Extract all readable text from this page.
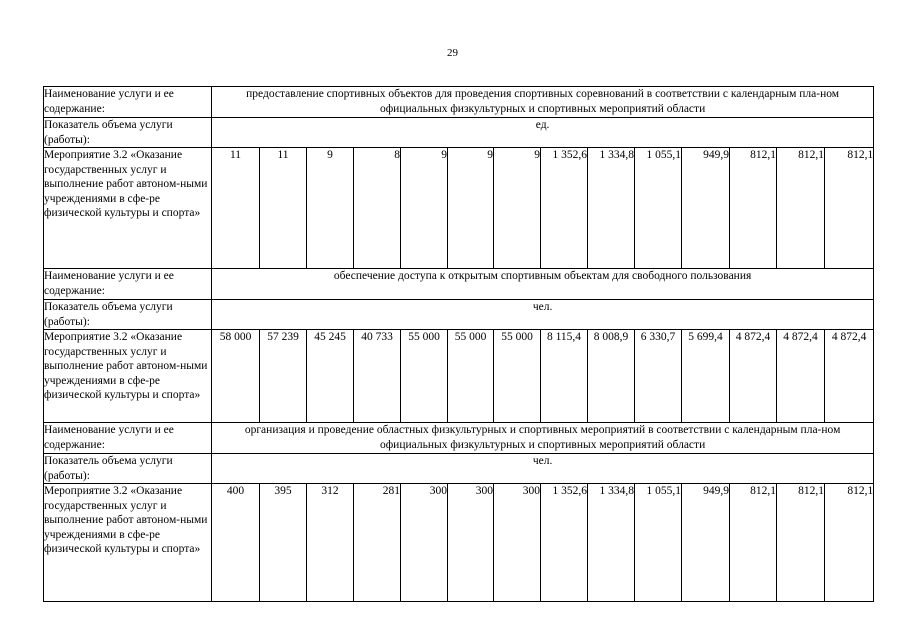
29
Наименование услуги и ее содержание:	предоставление спортивных объектов для проведения спортивных соревнований в соответствии с календарным пла-ном официальных физкультурных и спортивных мероприятий области													
Показатель объема услуги (работы):	ед.													
Мероприятие 3.2 «Оказание государственных услуг и выполнение работ автоном-ными учреждениями в сфе-ре физической культуры и спорта»	11	11	9	8	9	9	9	1 352,6	1 334,8	1 055,1	949,9	812,1	812,1	812,1
Наименование услуги и ее содержание:	обеспечение доступа к открытым спортивным объектам для свободного пользования													
Показатель объема услуги (работы):	чел.													
Мероприятие 3.2 «Оказание государственных услуг и выполнение работ автоном-ными учреждениями в сфе-ре физической культуры и спорта»	58 000	57 239	45 245	40 733	55 000	55 000	55 000	8 115,4	8 008,9	6 330,7	5 699,4	4 872,4	4 872,4	4 872,4
Наименование услуги и ее содержание:	организация и проведение областных физкультурных и спортивных мероприятий в соответствии с календарным пла-ном официальных физкультурных и спортивных мероприятий области													
Показатель объема услуги (работы):	чел.													
Мероприятие 3.2 «Оказание государственных услуг и выполнение работ автоном-ными учреждениями в сфе-ре физической культуры и спорта»	400	395	312	281	300	300	300	1 352,6	1 334,8	1 055,1	949,9	812,1	812,1	812,1
